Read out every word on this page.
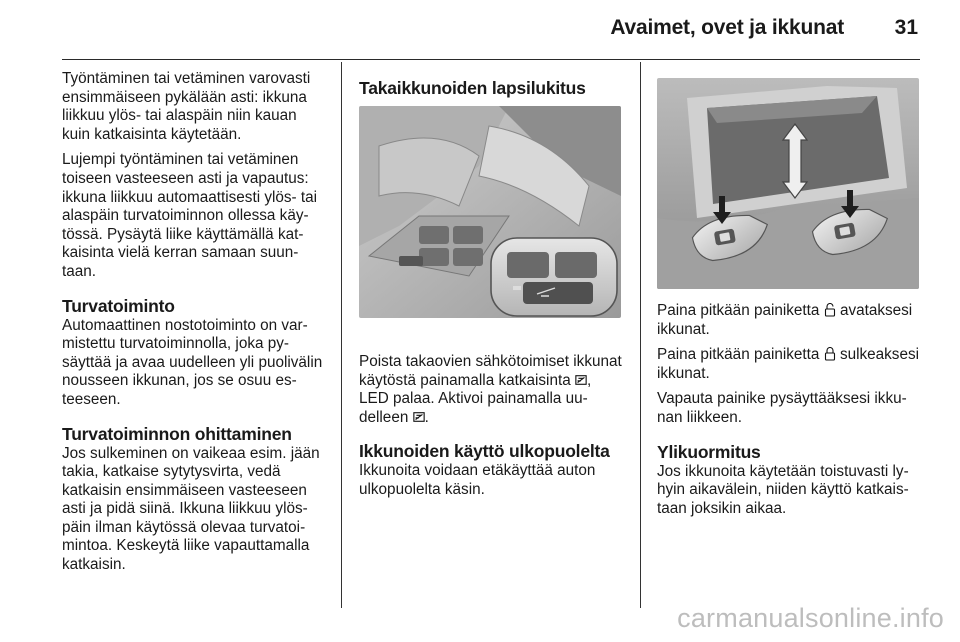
Avaimet, ovet ja ikkunat 31

Työntäminen tai vetäminen varovasti ensimmäiseen pykälään asti: ikkuna liikkuu ylös- tai alaspäin niin kauan kuin katkaisinta käytetään.

Lujempi työntäminen tai vetäminen toiseen vasteeseen asti ja vapautus: ikkuna liikkuu automaattisesti ylös- tai alaspäin turvatoiminnon ollessa käytössä. Pysäytä liike käyttämällä katkaisinta vielä kerran samaan suuntaan.

Turvatoiminto

Automaattinen nostotoiminto on varmistettu turvatoiminnolla, joka pysäyttää ja avaa uudelleen yli puolivälin nousseen ikkunan, jos se osuu esteeseen.

Turvatoiminnon ohittaminen

Jos sulkeminen on vaikeaa esim. jään takia, katkaise sytytysvirta, vedä katkaisin ensimmäiseen vasteeseen asti ja pidä siinä. Ikkuna liikkuu ylöspäin ilman käytössä olevaa turvatoimintoa. Keskeytä liike vapauttamalla katkaisin.

Takaikkunoiden lapsilukitus

Poista takaovien sähkötoimiset ikkunat käytöstä painamalla katkaisinta , LED palaa. Aktivoi painamalla uudelleen .

Ikkunoiden käyttö ulkopuolelta

Ikkunoita voidaan etäkäyttää auton ulkopuolelta käsin.

Paina pitkään painiketta avataksesi ikkunat.

Paina pitkään painiketta sulkeaksesi ikkunat.

Vapauta painike pysäyttääksesi ikkunan liikkeen.

Ylikuormitus

Jos ikkunoita käytetään toistuvasti lyhyin aikavälein, niiden käyttö katkaistaan joksikin aikaa.

carmanualsonline.info
